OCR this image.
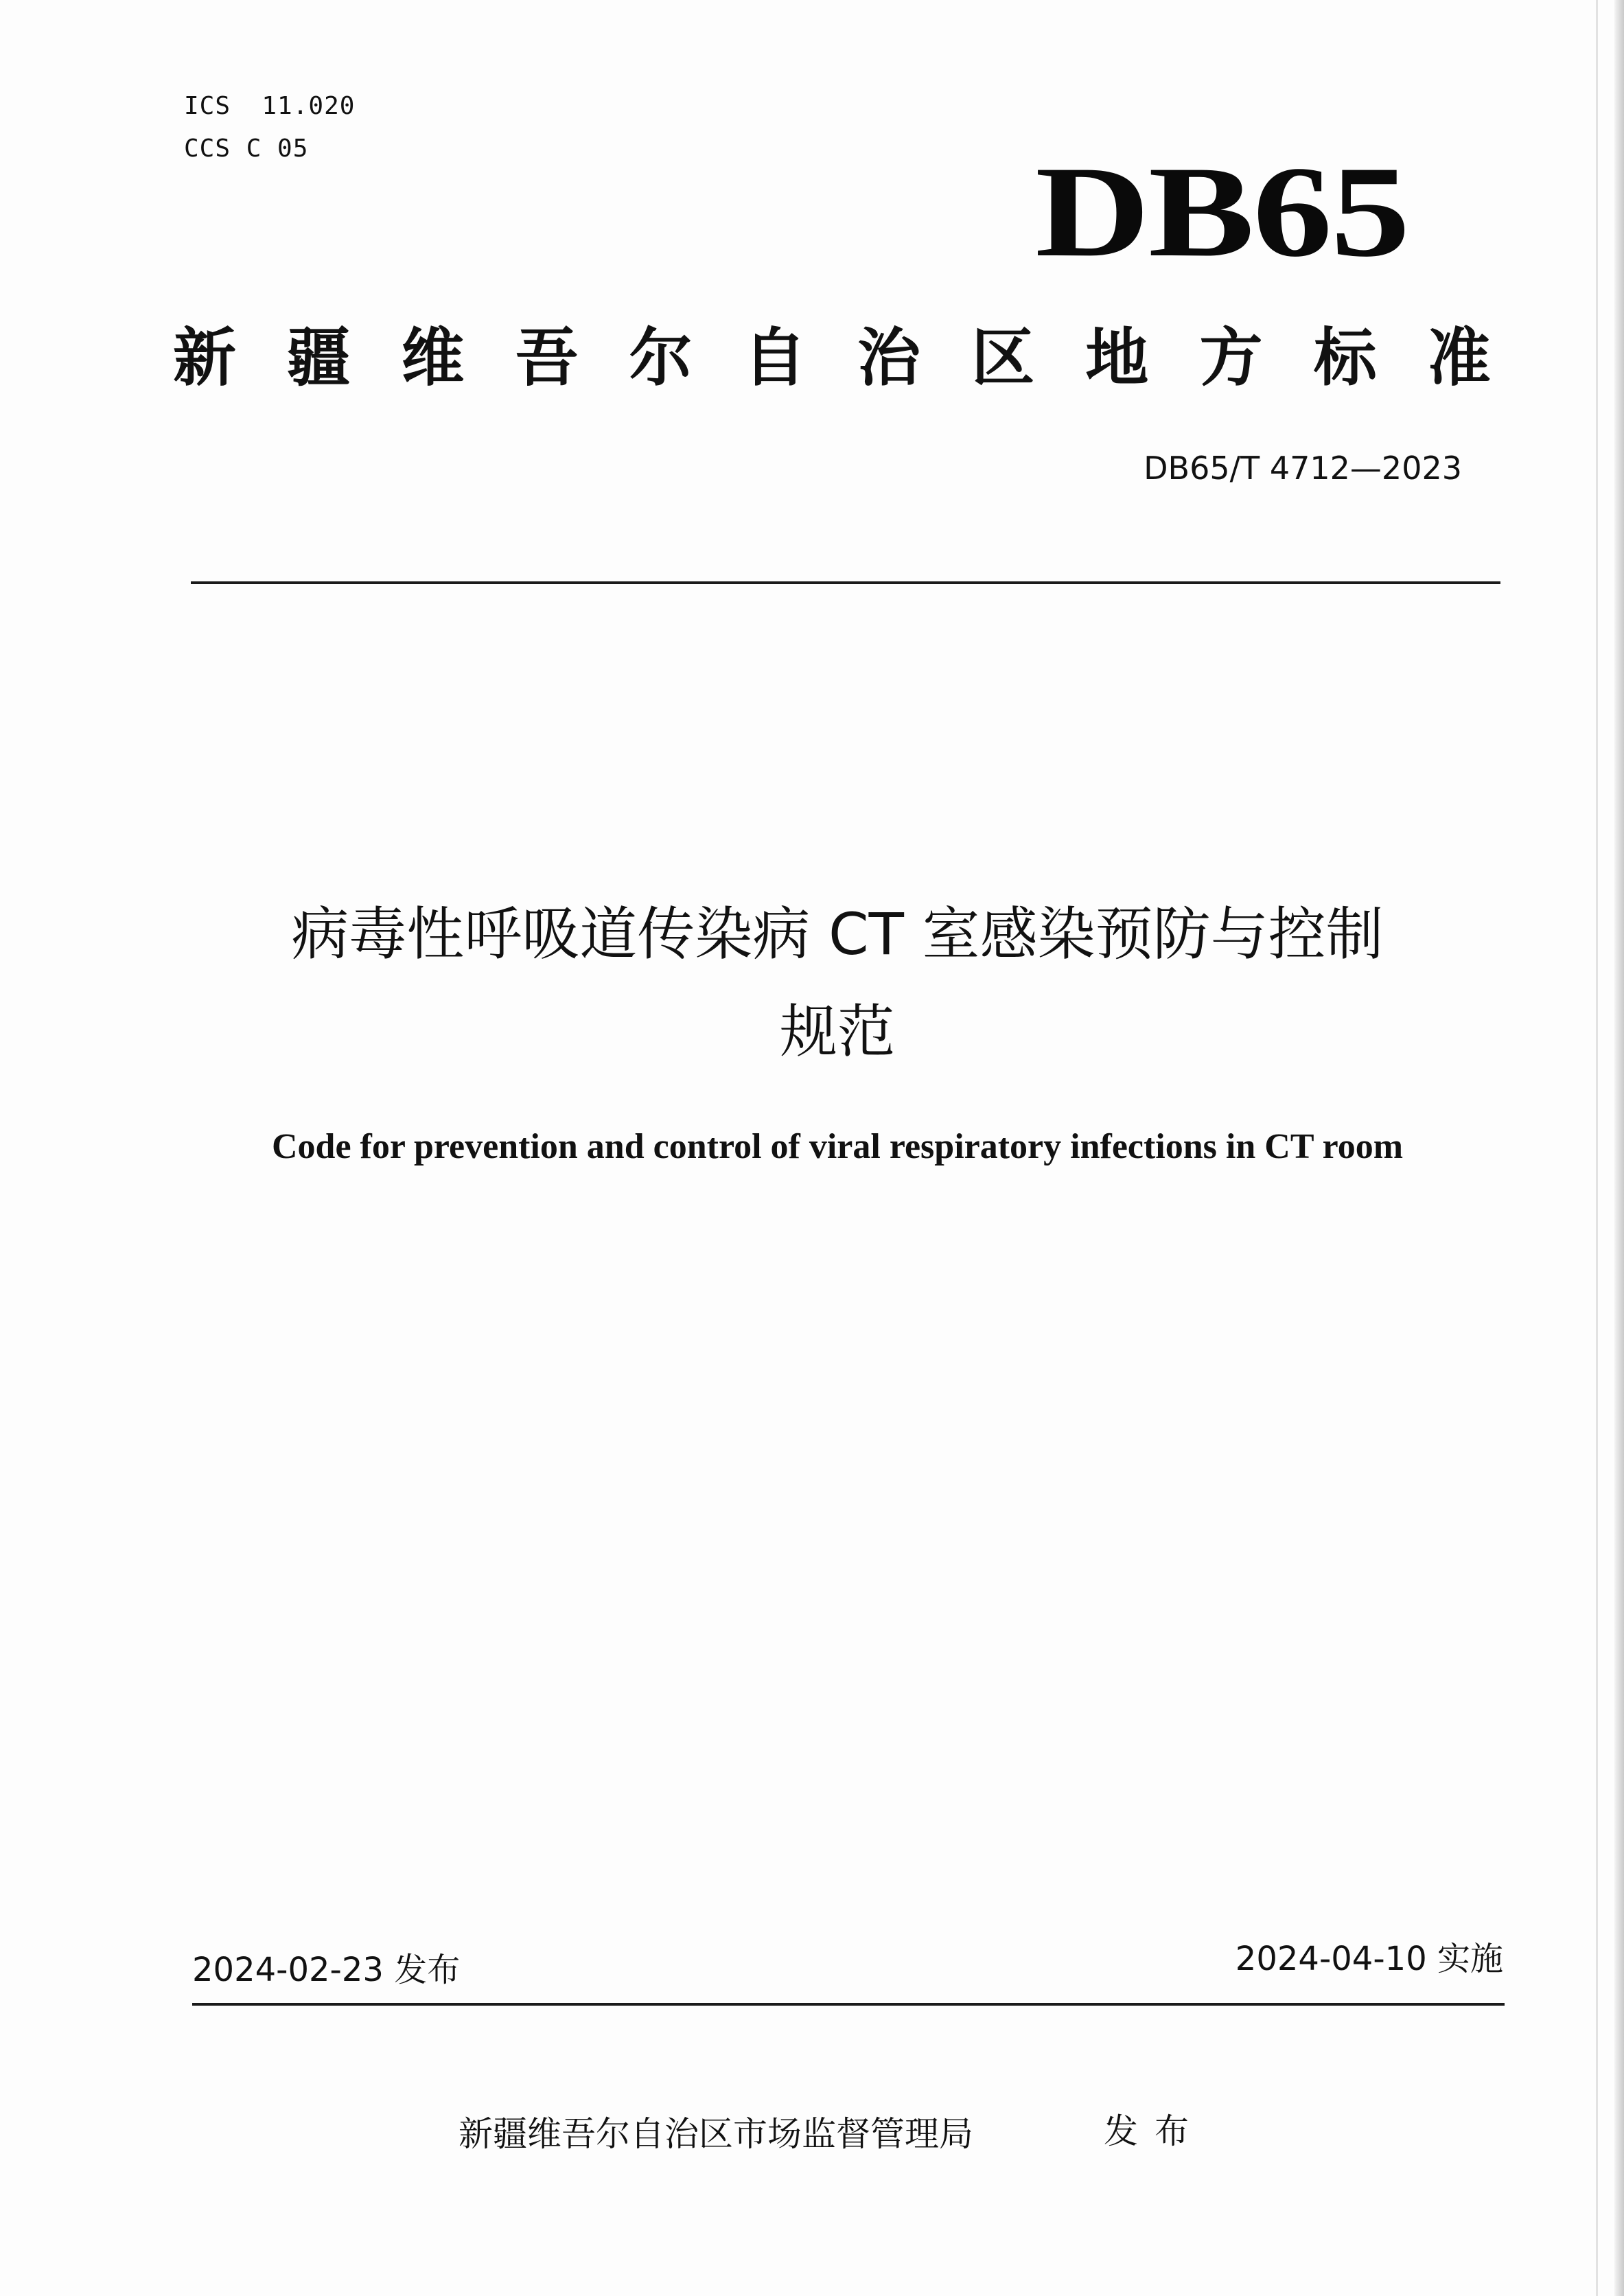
ICS  11.020
CCS C 05	DB65
新 疆 维 吾 尔 自 治 区 地 方 标 准
DB65/T 4712—2023
病毒性呼吸道传染病 CT 室感染预防与控制
规范
Code for prevention and control of viral respiratory infections in CT room
2024-02-23 发布	2024-04-10 实施
新疆维吾尔自治区市场监督管理局	发布
